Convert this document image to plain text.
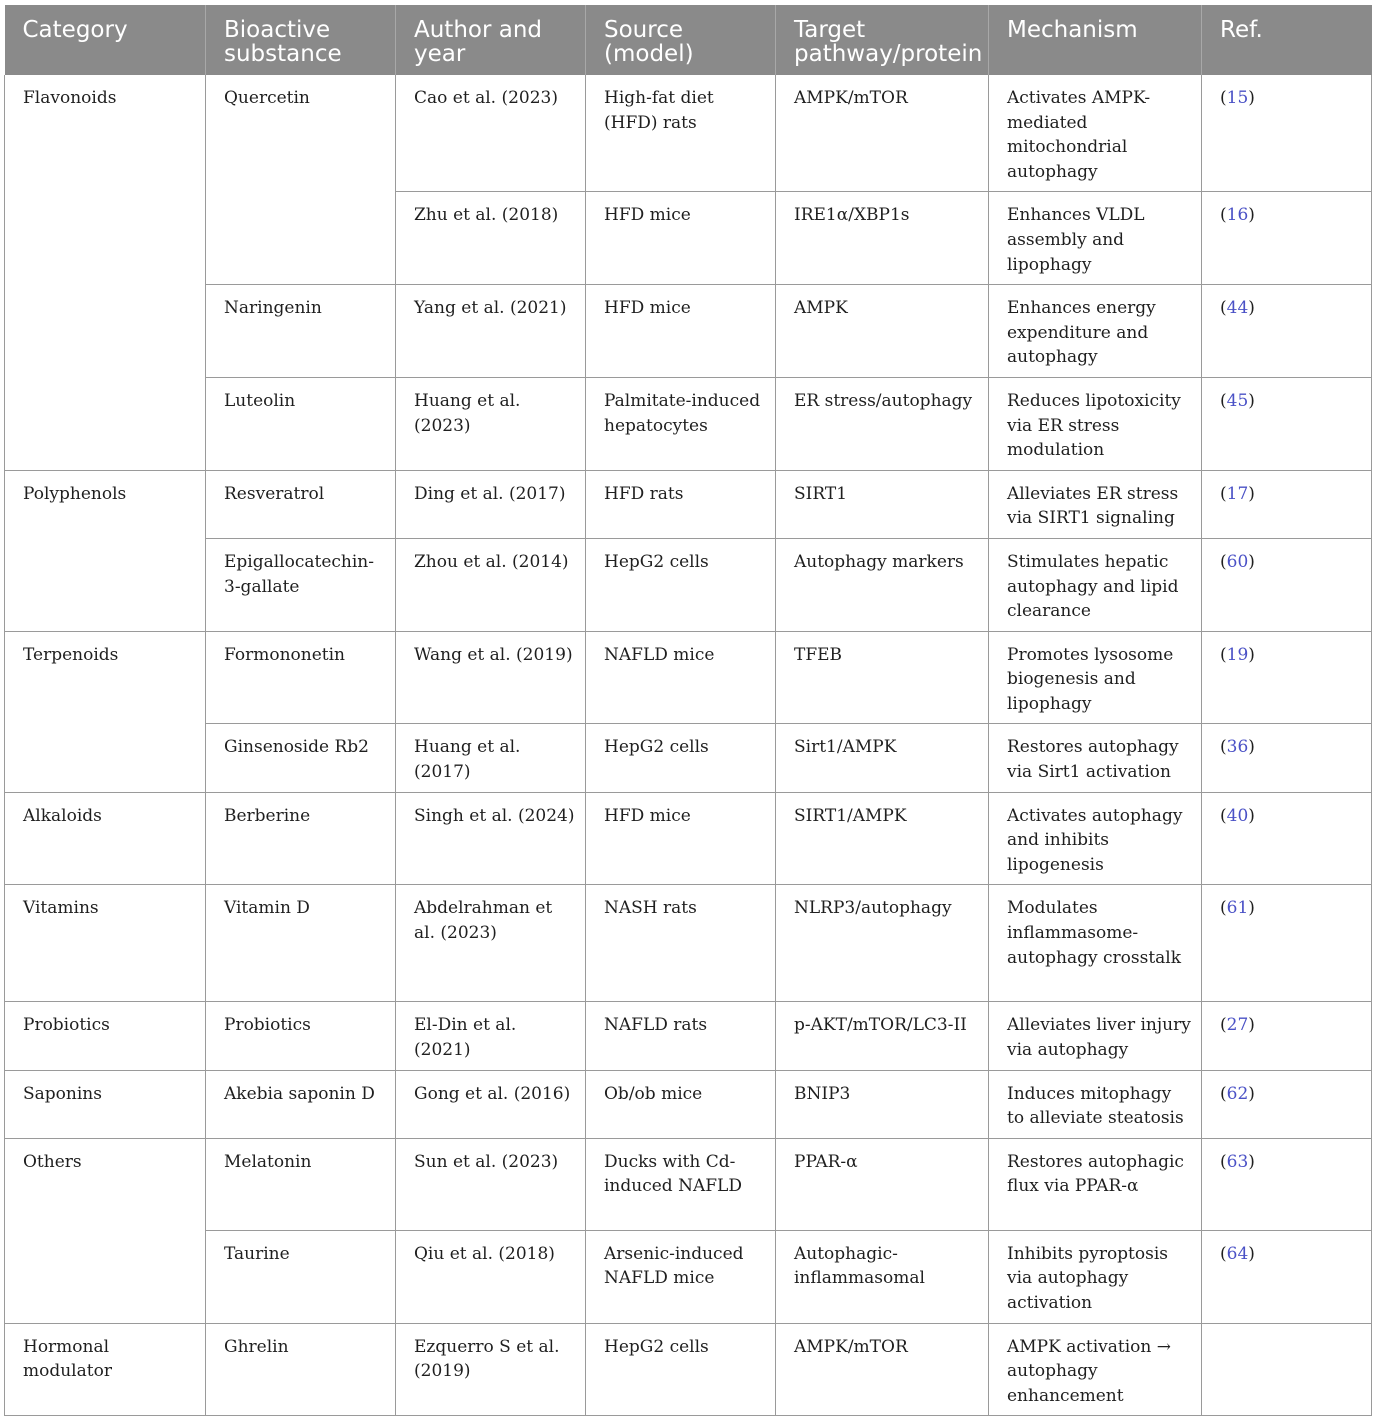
Category	Bioactive substance	Author and year	Source (model)	Target pathway/protein	Mechanism	Ref.
Flavonoids	Quercetin	Cao et al. (2023)	High-fat diet (HFD) rats	AMPK/mTOR	Activates AMPK-mediated mitochondrial autophagy	(15)
		Zhu et al. (2018)	HFD mice	IRE1α/XBP1s	Enhances VLDL assembly and lipophagy	(16)
	Naringenin	Yang et al. (2021)	HFD mice	AMPK	Enhances energy expenditure and autophagy	(44)
	Luteolin	Huang et al. (2023)	Palmitate-induced hepatocytes	ER stress/autophagy	Reduces lipotoxicity via ER stress modulation	(45)
Polyphenols	Resveratrol	Ding et al. (2017)	HFD rats	SIRT1	Alleviates ER stress via SIRT1 signaling	(17)
	Epigallocatechin-3-gallate	Zhou et al. (2014)	HepG2 cells	Autophagy markers	Stimulates hepatic autophagy and lipid clearance	(60)
Terpenoids	Formononetin	Wang et al. (2019)	NAFLD mice	TFEB	Promotes lysosome biogenesis and lipophagy	(19)
	Ginsenoside Rb2	Huang et al. (2017)	HepG2 cells	Sirt1/AMPK	Restores autophagy via Sirt1 activation	(36)
Alkaloids	Berberine	Singh et al. (2024)	HFD mice	SIRT1/AMPK	Activates autophagy and inhibits lipogenesis	(40)
Vitamins	Vitamin D	Abdelrahman et al. (2023)	NASH rats	NLRP3/autophagy	Modulates inflammasome-autophagy crosstalk	(61)
Probiotics	Probiotics	El-Din et al. (2021)	NAFLD rats	p-AKT/mTOR/LC3-II	Alleviates liver injury via autophagy	(27)
Saponins	Akebia saponin D	Gong et al. (2016)	Ob/ob mice	BNIP3	Induces mitophagy to alleviate steatosis	(62)
Others	Melatonin	Sun et al. (2023)	Ducks with Cd-induced NAFLD	PPAR-α	Restores autophagic flux via PPAR-α	(63)
	Taurine	Qiu et al. (2018)	Arsenic-induced NAFLD mice	Autophagic-inflammasomal	Inhibits pyroptosis via autophagy activation	(64)
Hormonal modulator	Ghrelin	Ezquerro S et al. (2019)	HepG2 cells	AMPK/mTOR	AMPK activation → autophagy enhancement	
